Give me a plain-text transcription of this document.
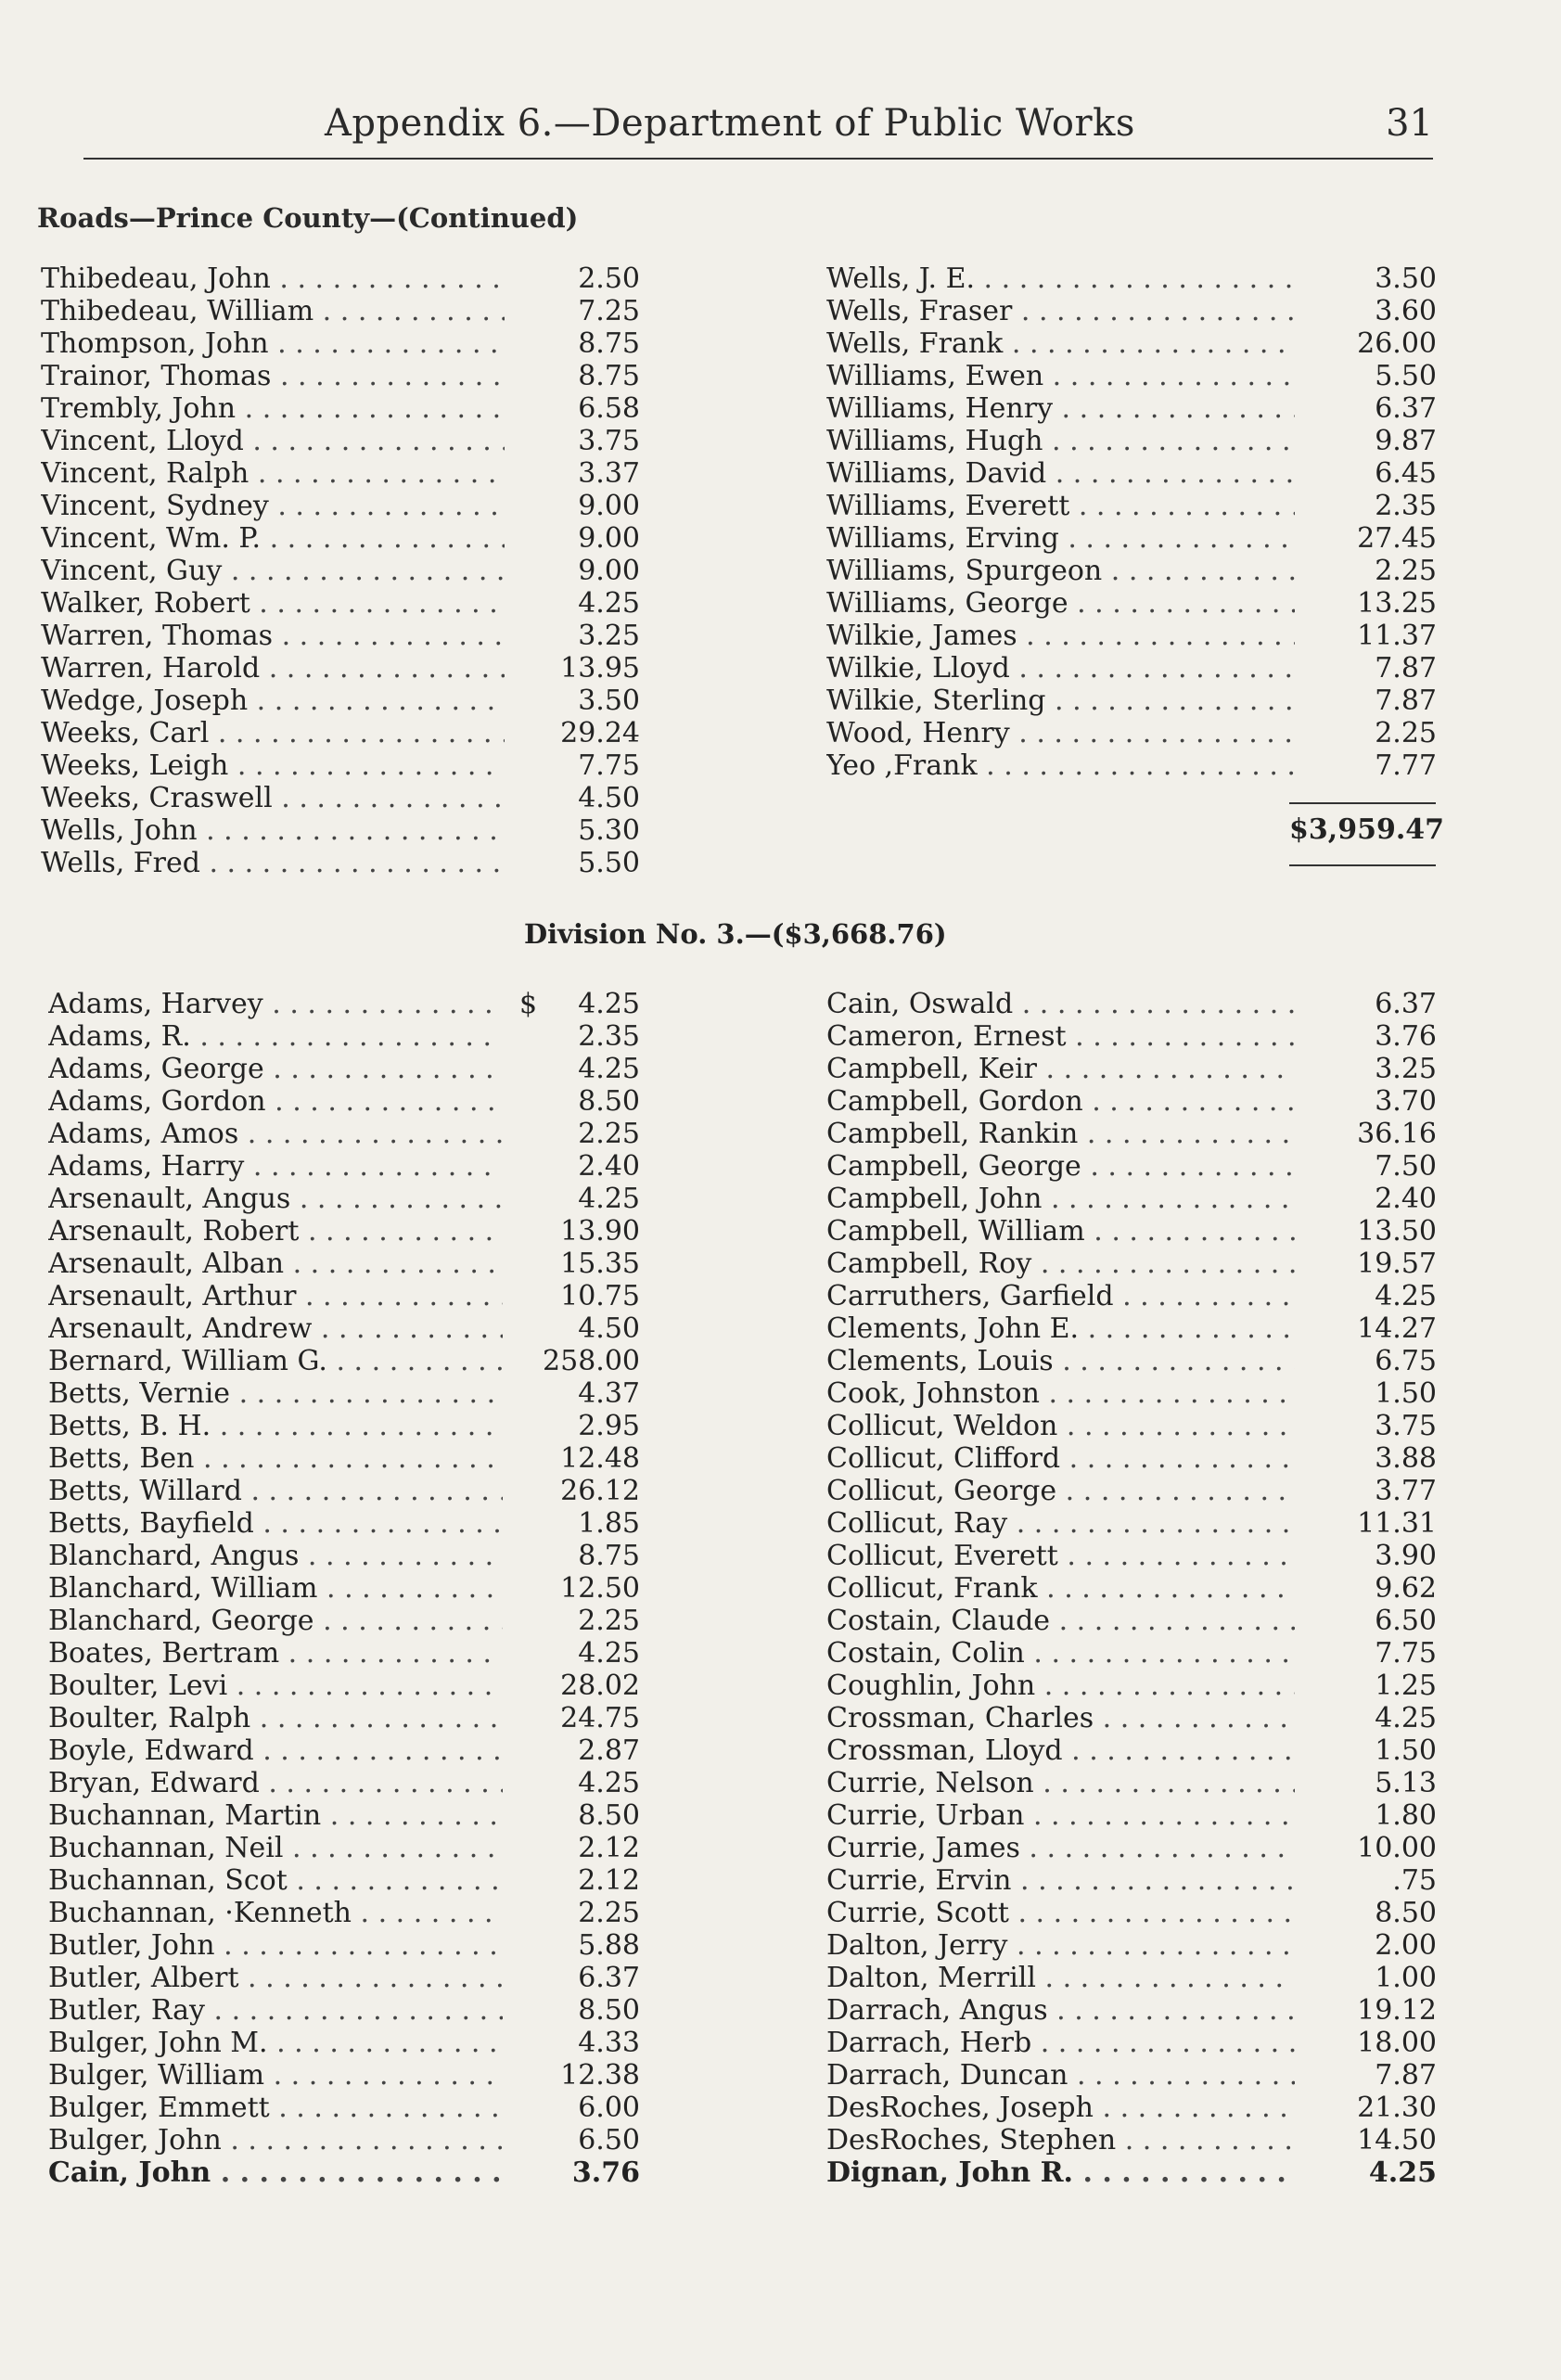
Appendix 6.—Department of Public Works	31
Roads—Prince County—(Continued)
Thibedeau, John . . .	2.50
Thibedeau, William . . .	7.25
Thompson, John . . .	8.75
Trainor, Thomas . . .	8.75
Trembly, John . . .	6.58
Vincent, Lloyd . . .	3.75
Vincent, Ralph . . .	3.37
Vincent, Sydney . . .	9.00
Vincent, Wm. P. . . .	9.00
Vincent, Guy . . .	9.00
Walker, Robert . . .	4.25
Warren, Thomas . . .	3.25
Warren, Harold . . .	13.95
Wedge, Joseph . . .	3.50
Weeks, Carl . . .	29.24
Weeks, Leigh . . .	7.75
Weeks, Craswell . . .	4.50
Wells, John . . .	5.30
Wells, Fred . . .	5.50
Wells, J. E. . . .	3.50
Wells, Fraser . . .	3.60
Wells, Frank . . .	26.00
Williams, Ewen . . .	5.50
Williams, Henry . . .	6.37
Williams, Hugh . . .	9.87
Williams, David . . .	6.45
Williams, Everett . . .	2.35
Williams, Erving . . .	27.45
Williams, Spurgeon . . .	2.25
Williams, George . . .	13.25
Wilkie, James . . .	11.37
Wilkie, Lloyd . . .	7.87
Wilkie, Sterling . . .	7.87
Wood, Henry . . .	2.25
Yeo ,Frank . . .	7.77
$3,959.47
Division No. 3.—($3,668.76)
Adams, Harvey . . .	$ 4.25
Adams, R. . . .	2.35
Adams, George . . .	4.25
Adams, Gordon . . .	8.50
Adams, Amos . . .	2.25
Adams, Harry . . .	2.40
Arsenault, Angus . . .	4.25
Arsenault, Robert . . .	13.90
Arsenault, Alban . . .	15.35
Arsenault, Arthur . . .	10.75
Arsenault, Andrew . . .	4.50
Bernard, William G. . . .	258.00
Betts, Vernie . . .	4.37
Betts, B. H. . . .	2.95
Betts, Ben . . .	12.48
Betts, Willard . . .	26.12
Betts, Bayfield . . .	1.85
Blanchard, Angus . . .	8.75
Blanchard, William . . .	12.50
Blanchard, George . . .	2.25
Boates, Bertram . . .	4.25
Boulter, Levi . . .	28.02
Boulter, Ralph . . .	24.75
Boyle, Edward . . .	2.87
Bryan, Edward . . .	4.25
Buchannan, Martin . . .	8.50
Buchannan, Neil . . .	2.12
Buchannan, Scot . . .	2.12
Buchannan, ·Kenneth . . .	2.25
Butler, John . . .	5.88
Butler, Albert . . .	6.37
Butler, Ray . . .	8.50
Bulger, John M. . . .	4.33
Bulger, William . . .	12.38
Bulger, Emmett . . .	6.00
Bulger, John . . .	6.50
Cain, John . . .	3.76
Cain, Oswald . . .	6.37
Cameron, Ernest . . .	3.76
Campbell, Keir . . .	3.25
Campbell, Gordon . . .	3.70
Campbell, Rankin . . .	36.16
Campbell, George . . .	7.50
Campbell, John . . .	2.40
Campbell, William . . .	13.50
Campbell, Roy . . .	19.57
Carruthers, Garfield . . .	4.25
Clements, John E. . . .	14.27
Clements, Louis . . .	6.75
Cook, Johnston . . .	1.50
Collicut, Weldon . . .	3.75
Collicut, Clifford . . .	3.88
Collicut, George . . .	3.77
Collicut, Ray . . .	11.31
Collicut, Everett . . .	3.90
Collicut, Frank . . .	9.62
Costain, Claude . . .	6.50
Costain, Colin . . .	7.75
Coughlin, John . . .	1.25
Crossman, Charles . . .	4.25
Crossman, Lloyd . . .	1.50
Currie, Nelson . . .	5.13
Currie, Urban . . .	1.80
Currie, James . . .	10.00
Currie, Ervin . . .	.75
Currie, Scott . . .	8.50
Dalton, Jerry . . .	2.00
Dalton, Merrill . . .	1.00
Darrach, Angus . . .	19.12
Darrach, Herb . . .	18.00
Darrach, Duncan . . .	7.87
DesRoches, Joseph . . .	21.30
DesRoches, Stephen . . .	14.50
Dignan, John R. . . .	4.25
